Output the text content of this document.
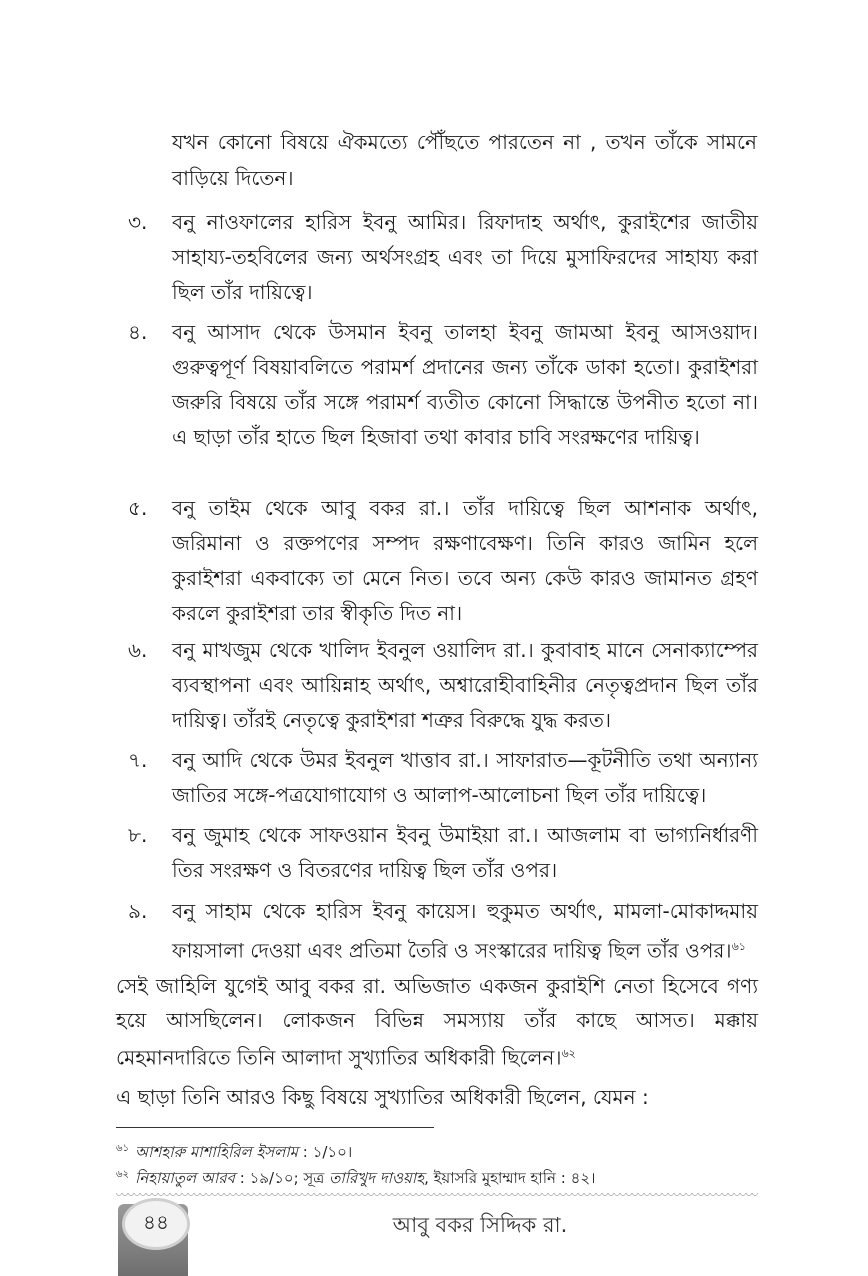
যখন কোনো বিষয়ে ঐকমত্যে পৌঁছতে পারতেন না , তখন তাঁকে সামনে বাড়িয়ে দিতেন।
৩.	বনু নাওফালের হারিস ইবনু আমির। রিফাদাহ অর্থাৎ, কুরাইশের জাতীয় সাহায্য-তহবিলের জন্য অর্থসংগ্রহ এবং তা দিয়ে মুসাফিরদের সাহায্য করা ছিল তাঁর দায়িত্বে।
৪.	বনু আসাদ থেকে উসমান ইবনু তালহা ইবনু জামআ ইবনু আসওয়াদ। গুরুত্বপূর্ণ বিষয়াবলিতে পরামর্শ প্রদানের জন্য তাঁকে ডাকা হতো। কুরাইশরা জরুরি বিষয়ে তাঁর সঙ্গে পরামর্শ ব্যতীত কোনো সিদ্ধান্তে উপনীত হতো না। এ ছাড়া তাঁর হাতে ছিল হিজাবা তথা কাবার চাবি সংরক্ষণের দায়িত্ব।
৫.	বনু তাইম থেকে আবু বকর রা.। তাঁর দায়িত্বে ছিল আশনাক অর্থাৎ, জরিমানা ও রক্তপণের সম্পদ রক্ষণাবেক্ষণ। তিনি কারও জামিন হলে কুরাইশরা একবাক্যে তা মেনে নিত। তবে অন্য কেউ কারও জামানত গ্রহণ করলে কুরাইশরা তার স্বীকৃতি দিত না।
৬.	বনু মাখজুম থেকে খালিদ ইবনুল ওয়ালিদ রা.। কুবাবাহ মানে সেনাক্যাম্পের ব্যবস্থাপনা এবং আয়িন্নাহ অর্থাৎ, অশ্বারোহীবাহিনীর নেতৃত্বপ্রদান ছিল তাঁর দায়িত্ব। তাঁরই নেতৃত্বে কুরাইশরা শত্রুর বিরুদ্ধে যুদ্ধ করত।
৭.	বনু আদি থেকে উমর ইবনুল খাত্তাব রা.। সাফারাত—কূটনীতি তথা অন্যান্য জাতির সঙ্গে-পত্রযোগাযোগ ও আলাপ-আলোচনা ছিল তাঁর দায়িত্বে।
৮.	বনু জুমাহ থেকে সাফওয়ান ইবনু উমাইয়া রা.। আজলাম বা ভাগ্যনির্ধারণী তির সংরক্ষণ ও বিতরণের দায়িত্ব ছিল তাঁর ওপর।
৯.	বনু সাহাম থেকে হারিস ইবনু কায়েস। হুকুমত অর্থাৎ, মামলা-মোকাদ্দমায় ফায়সালা দেওয়া এবং প্রতিমা তৈরি ও সংস্কারের দায়িত্ব ছিল তাঁর ওপর।$^{৬১}$
সেই জাহিলি যুগেই আবু বকর রা. অভিজাত একজন কুরাইশি নেতা হিসেবে গণ্য হয়ে আসছিলেন। লোকজন বিভিন্ন সমস্যায় তাঁর কাছে আসত। মক্কায় মেহমানদারিতে তিনি আলাদা সুখ্যাতির অধিকারী ছিলেন।$^{৬২}$
এ ছাড়া তিনি আরও কিছু বিষয়ে সুখ্যাতির অধিকারী ছিলেন, যেমন :
$^{৬১}$ আশহারু মাশাহিরিল ইসলাম : ১/১০।
$^{৬২}$ নিহায়াতুল আরব : ১৯/১০; সূত্র তারিখুদ দাওয়াহ, ইয়াসরি মুহাম্মাদ হানি : ৪২।
৪৪	আবু বকর সিদ্দিক রা.
